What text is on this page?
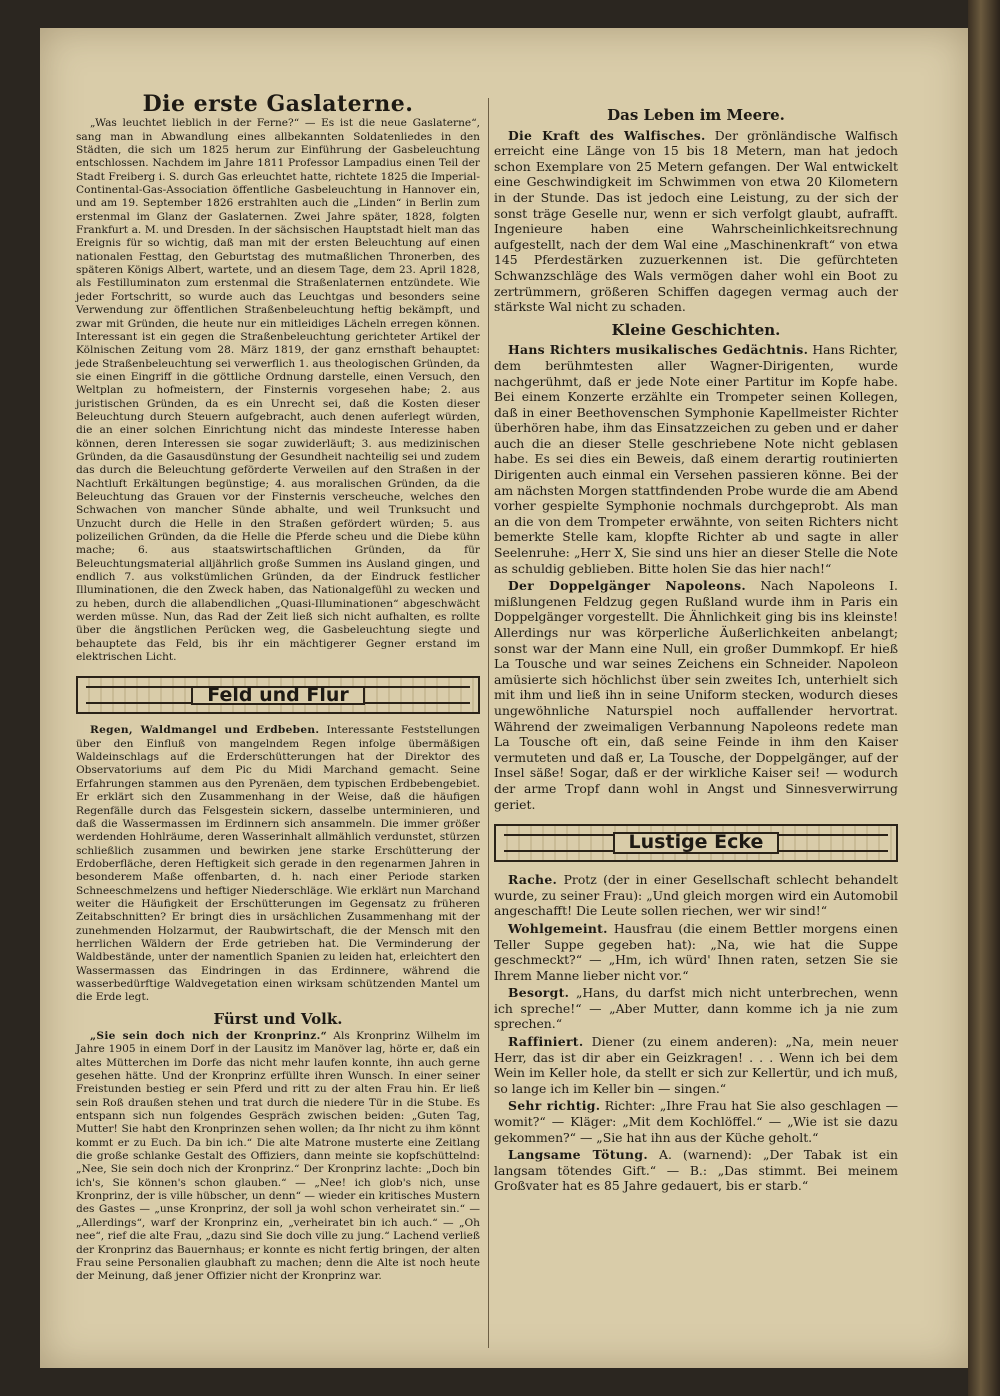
Die erste Gaslaterne.

„Was leuchtet lieblich in der Ferne?“ — Es ist die neue Gaslaterne“, sang man in Abwandlung eines allbekannten Soldatenliedes in den Städten, die sich um 1825 herum zur Einführung der Gasbeleuchtung entschlossen. Nachdem im Jahre 1811 Professor Lampadius einen Teil der Stadt Freiberg i. S. durch Gas erleuchtet hatte, richtete 1825 die Imperial-Continental-Gas-Association öffentliche Gasbeleuchtung in Hannover ein, und am 19. September 1826 erstrahlten auch die „Linden“ in Berlin zum erstenmal im Glanz der Gaslaternen. Zwei Jahre später, 1828, folgten Frankfurt a. M. und Dresden. In der sächsischen Hauptstadt hielt man das Ereignis für so wichtig, daß man mit der ersten Beleuchtung auf einen nationalen Festtag, den Geburtstag des mutmaßlichen Thronerben, des späteren Königs Albert, wartete, und an diesem Tage, dem 23. April 1828, als Festilluminaton zum erstenmal die Straßenlaternen entzündete. Wie jeder Fortschritt, so wurde auch das Leuchtgas und besonders seine Verwendung zur öffentlichen Straßenbeleuchtung heftig bekämpft, und zwar mit Gründen, die heute nur ein mitleidiges Lächeln erregen können. Interessant ist ein gegen die Straßenbeleuchtung gerichteter Artikel der Kölnischen Zeitung vom 28. März 1819, der ganz ernsthaft behauptet: jede Straßenbeleuchtung sei verwerflich 1. aus theologischen Gründen, da sie einen Eingriff in die göttliche Ordnung darstelle, einen Versuch, den Weltplan zu hofmeistern, der Finsternis vorgesehen habe; 2. aus juristischen Gründen, da es ein Unrecht sei, daß die Kosten dieser Beleuchtung durch Steuern aufgebracht, auch denen auferlegt würden, die an einer solchen Einrichtung nicht das mindeste Interesse haben können, deren Interessen sie sogar zuwiderläuft; 3. aus medizinischen Gründen, da die Gasausdünstung der Gesundheit nachteilig sei und zudem das durch die Beleuchtung geförderte Verweilen auf den Straßen in der Nachtluft Erkältungen begünstige; 4. aus moralischen Gründen, da die Beleuchtung das Grauen vor der Finsternis verscheuche, welches den Schwachen von mancher Sünde abhalte, und weil Trunksucht und Unzucht durch die Helle in den Straßen gefördert würden; 5. aus polizeilichen Gründen, da die Helle die Pferde scheu und die Diebe kühn mache; 6. aus staatswirtschaftlichen Gründen, da für Beleuchtungsmaterial alljährlich große Summen ins Ausland gingen, und endlich 7. aus volkstümlichen Gründen, da der Eindruck festlicher Illuminationen, die den Zweck haben, das Nationalgefühl zu wecken und zu heben, durch die allabendlichen „Quasi-Illuminationen“ abgeschwächt werden müsse. Nun, das Rad der Zeit ließ sich nicht aufhalten, es rollte über die ängstlichen Perücken weg, die Gasbeleuchtung siegte und behauptete das Feld, bis ihr ein mächtigerer Gegner erstand im elektrischen Licht.

Feld und Flur

Regen, Waldmangel und Erdbeben. Interessante Feststellungen über den Einfluß von mangelndem Regen infolge übermäßigen Waldeinschlags auf die Erderschütterungen hat der Direktor des Observatoriums auf dem Pic du Midi Marchand gemacht. Seine Erfahrungen stammen aus den Pyrenäen, dem typischen Erdbebengebiet. Er erklärt sich den Zusammenhang in der Weise, daß die häufigen Regenfälle durch das Felsgestein sickern, dasselbe unterminieren, und daß die Wassermassen im Erdinnern sich ansammeln. Die immer größer werdenden Hohlräume, deren Wasserinhalt allmählich verdunstet, stürzen schließlich zusammen und bewirken jene starke Erschütterung der Erdoberfläche, deren Heftigkeit sich gerade in den regenarmen Jahren in besonderem Maße offenbarten, d. h. nach einer Periode starken Schneeschmelzens und heftiger Niederschläge. Wie erklärt nun Marchand weiter die Häufigkeit der Erschütterungen im Gegensatz zu früheren Zeitabschnitten? Er bringt dies in ursächlichen Zusammenhang mit der zunehmenden Holzarmut, der Raubwirtschaft, die der Mensch mit den herrlichen Wäldern der Erde getrieben hat. Die Verminderung der Waldbestände, unter der namentlich Spanien zu leiden hat, erleichtert den Wassermassen das Eindringen in das Erdinnere, während die wasserbedürftige Waldvegetation einen wirksam schützenden Mantel um die Erde legt.

Fürst und Volk.

„Sie sein doch nich der Kronprinz.“ Als Kronprinz Wilhelm im Jahre 1905 in einem Dorf in der Lausitz im Manöver lag, hörte er, daß ein altes Mütterchen im Dorfe das nicht mehr laufen konnte, ihn auch gerne gesehen hätte. Und der Kronprinz erfüllte ihren Wunsch. In einer seiner Freistunden bestieg er sein Pferd und ritt zu der alten Frau hin. Er ließ sein Roß draußen stehen und trat durch die niedere Tür in die Stube. Es entspann sich nun folgendes Gespräch zwischen beiden: „Guten Tag, Mutter! Sie habt den Kronprinzen sehen wollen; da Ihr nicht zu ihm könnt kommt er zu Euch. Da bin ich.“ Die alte Matrone musterte eine Zeitlang die große schlanke Gestalt des Offiziers, dann meinte sie kopfschüttelnd: „Nee, Sie sein doch nich der Kronprinz.“ Der Kronprinz lachte: „Doch bin ich's, Sie können's schon glauben.“ — „Nee! ich glob's nich, unse Kronprinz, der is ville hübscher, un denn“ — wieder ein kritisches Mustern des Gastes — „unse Kronprinz, der soll ja wohl schon verheiratet sin.“ — „Allerdings“, warf der Kronprinz ein, „verheiratet bin ich auch.“ — „Oh nee“, rief die alte Frau, „dazu sind Sie doch ville zu jung.“ Lachend verließ der Kronprinz das Bauernhaus; er konnte es nicht fertig bringen, der alten Frau seine Personalien glaubhaft zu machen; denn die Alte ist noch heute der Meinung, daß jener Offizier nicht der Kronprinz war.

Das Leben im Meere.

Die Kraft des Walfisches. Der grönländische Walfisch erreicht eine Länge von 15 bis 18 Metern, man hat jedoch schon Exemplare von 25 Metern gefangen. Der Wal entwickelt eine Geschwindigkeit im Schwimmen von etwa 20 Kilometern in der Stunde. Das ist jedoch eine Leistung, zu der sich der sonst träge Geselle nur, wenn er sich verfolgt glaubt, aufrafft. Ingenieure haben eine Wahrscheinlichkeitsrechnung aufgestellt, nach der dem Wal eine „Maschinenkraft“ von etwa 145 Pferdestärken zuzuerkennen ist. Die gefürchteten Schwanzschläge des Wals vermögen daher wohl ein Boot zu zertrümmern, größeren Schiffen dagegen vermag auch der stärkste Wal nicht zu schaden.

Kleine Geschichten.

Hans Richters musikalisches Gedächtnis. Hans Richter, dem berühmtesten aller Wagner-Dirigenten, wurde nachgerühmt, daß er jede Note einer Partitur im Kopfe habe. Bei einem Konzerte erzählte ein Trompeter seinen Kollegen, daß in einer Beethovenschen Symphonie Kapellmeister Richter überhören habe, ihm das Einsatzzeichen zu geben und er daher auch die an dieser Stelle geschriebene Note nicht geblasen habe. Es sei dies ein Beweis, daß einem derartig routinierten Dirigenten auch einmal ein Versehen passieren könne. Bei der am nächsten Morgen stattfindenden Probe wurde die am Abend vorher gespielte Symphonie nochmals durchgeprobt. Als man an die von dem Trompeter erwähnte, von seiten Richters nicht bemerkte Stelle kam, klopfte Richter ab und sagte in aller Seelenruhe: „Herr X, Sie sind uns hier an dieser Stelle die Note as schuldig geblieben. Bitte holen Sie das hier nach!“

Der Doppelgänger Napoleons. Nach Napoleons I. mißlungenen Feldzug gegen Rußland wurde ihm in Paris ein Doppelgänger vorgestellt. Die Ähnlichkeit ging bis ins kleinste! Allerdings nur was körperliche Äußerlichkeiten anbelangt; sonst war der Mann eine Null, ein großer Dummkopf. Er hieß La Tousche und war seines Zeichens ein Schneider. Napoleon amüsierte sich höchlichst über sein zweites Ich, unterhielt sich mit ihm und ließ ihn in seine Uniform stecken, wodurch dieses ungewöhnliche Naturspiel noch auffallender hervortrat. Während der zweimaligen Verbannung Napoleons redete man La Tousche oft ein, daß seine Feinde in ihm den Kaiser vermuteten und daß er, La Tousche, der Doppelgänger, auf der Insel säße! Sogar, daß er der wirkliche Kaiser sei! — wodurch der arme Tropf dann wohl in Angst und Sinnesverwirrung geriet.

Lustige Ecke

Rache. Protz (der in einer Gesellschaft schlecht behandelt wurde, zu seiner Frau): „Und gleich morgen wird ein Automobil angeschafft! Die Leute sollen riechen, wer wir sind!“

Wohlgemeint. Hausfrau (die einem Bettler morgens einen Teller Suppe gegeben hat): „Na, wie hat die Suppe geschmeckt?“ — „Hm, ich würd' Ihnen raten, setzen Sie sie Ihrem Manne lieber nicht vor.“

Besorgt. „Hans, du darfst mich nicht unterbrechen, wenn ich spreche!“ — „Aber Mutter, dann komme ich ja nie zum sprechen.“

Raffiniert. Diener (zu einem anderen): „Na, mein neuer Herr, das ist dir aber ein Geizkragen! . . . Wenn ich bei dem Wein im Keller hole, da stellt er sich zur Kellertür, und ich muß, so lange ich im Keller bin — singen.“

Sehr richtig. Richter: „Ihre Frau hat Sie also geschlagen — womit?“ — Kläger: „Mit dem Kochlöffel.“ — „Wie ist sie dazu gekommen?“ — „Sie hat ihn aus der Küche geholt.“

Langsame Tötung. A. (warnend): „Der Tabak ist ein langsam tötendes Gift.“ — B.: „Das stimmt. Bei meinem Großvater hat es 85 Jahre gedauert, bis er starb.“
